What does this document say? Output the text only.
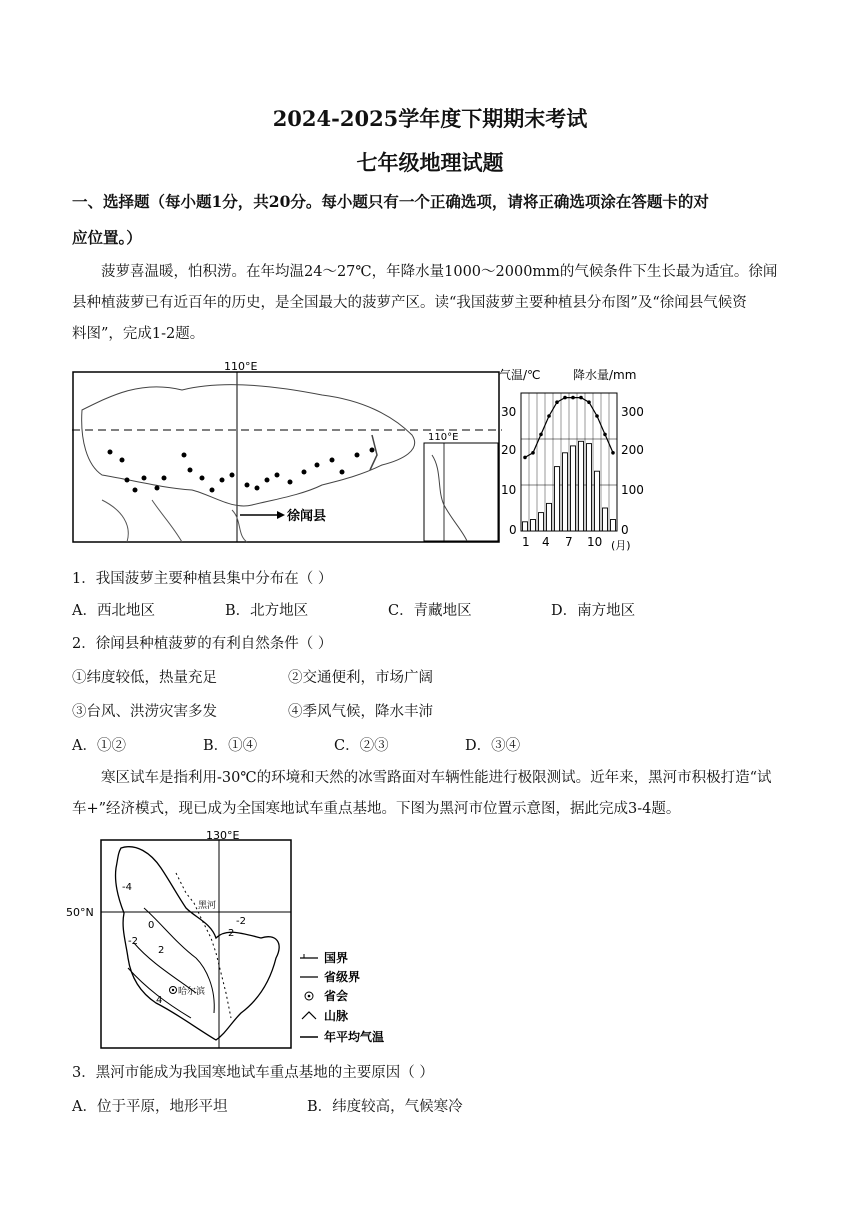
2024-2025学年度下期期末考试
七年级地理试题
一、选择题（每小题1分，共20分。每小题只有一个正确选项，请将正确选项涂在答题卡的对
应位置。）
菠萝喜温暖，怕积涝。在年均温24～27℃，年降水量1000～2000mm的气候条件下生长最为适宜。徐闻
县种植菠萝已有近百年的历史，是全国最大的菠萝产区。读“我国菠萝主要种植县分布图”及“徐闻县气候资
料图”，完成1-2题。
110°E
110°E
徐闻县
气温/℃	降水量/mm
30
20
10
0
300
200
100
0
1 4 7 10 (月)
1．我国菠萝主要种植县集中分布在（ ）
A．西北地区	B．北方地区	C．青藏地区	D．南方地区
2．徐闻县种植菠萝的有利自然条件（ ）
①纬度较低，热量充足	②交通便利，市场广阔
③台风、洪涝灾害多发	④季风气候，降水丰沛
A．①②	B．①④	C．②③	D．③④
寒区试车是指利用-30℃的环境和天然的冰雪路面对车辆性能进行极限测试。近年来，黑河市积极打造“试
车+”经济模式，现已成为全国寒地试车重点基地。下图为黑河市位置示意图，据此完成3-4题。
130°E
50°N
哈尔滨
黑河
-4
-2
0
2
4
-2
2
国界
省级界
省会
山脉
年平均气温
3．黑河市能成为我国寒地试车重点基地的主要原因（ ）
A．位于平原，地形平坦	B．纬度较高，气候寒冷
